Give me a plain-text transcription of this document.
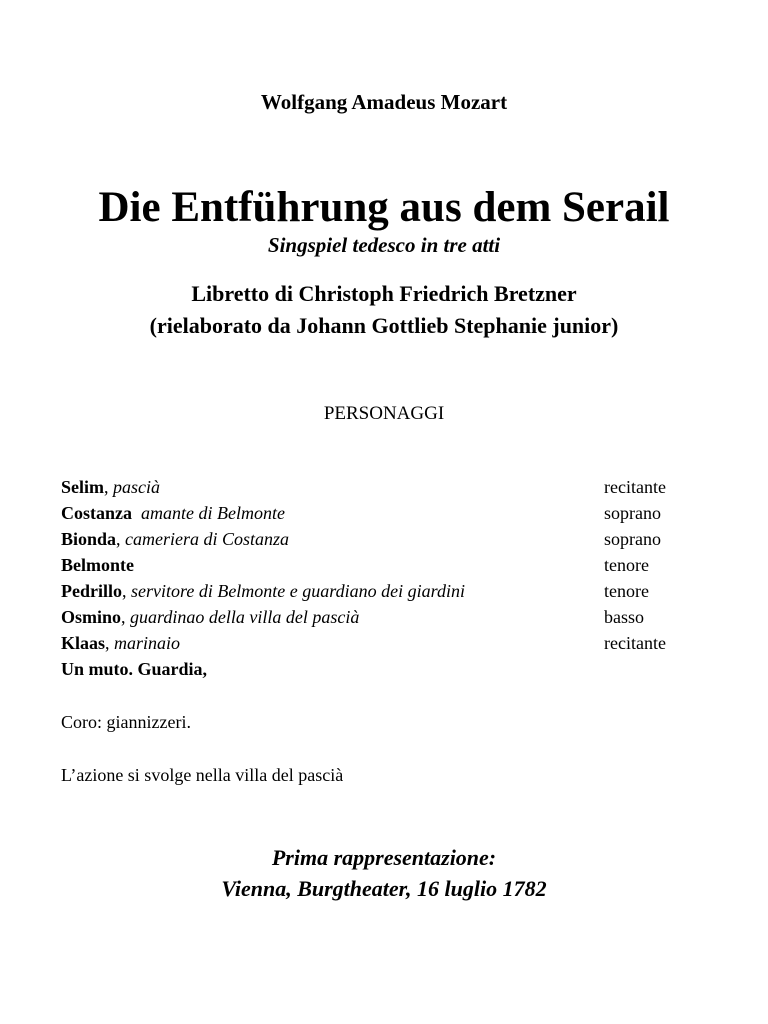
Wolfgang Amadeus Mozart
Die Entführung aus dem Serail
Singspiel tedesco in tre atti
Libretto di Christoph Friedrich Bretzner
(rielaborato da Johann Gottlieb Stephanie junior)
PERSONAGGI
Selim, pascià	recitante
Costanza amante di Belmonte	soprano
Bionda, cameriera di Costanza	soprano
Belmonte	tenore
Pedrillo, servitore di Belmonte e guardiano dei giardini	tenore
Osmino, guardinao della villa del pascià	basso
Klaas, marinaio	recitante
Un muto. Guardia,
Coro: giannizzeri.
L’azione si svolge nella villa del pascià
Prima rappresentazione:
Vienna, Burgtheater, 16 luglio 1782
